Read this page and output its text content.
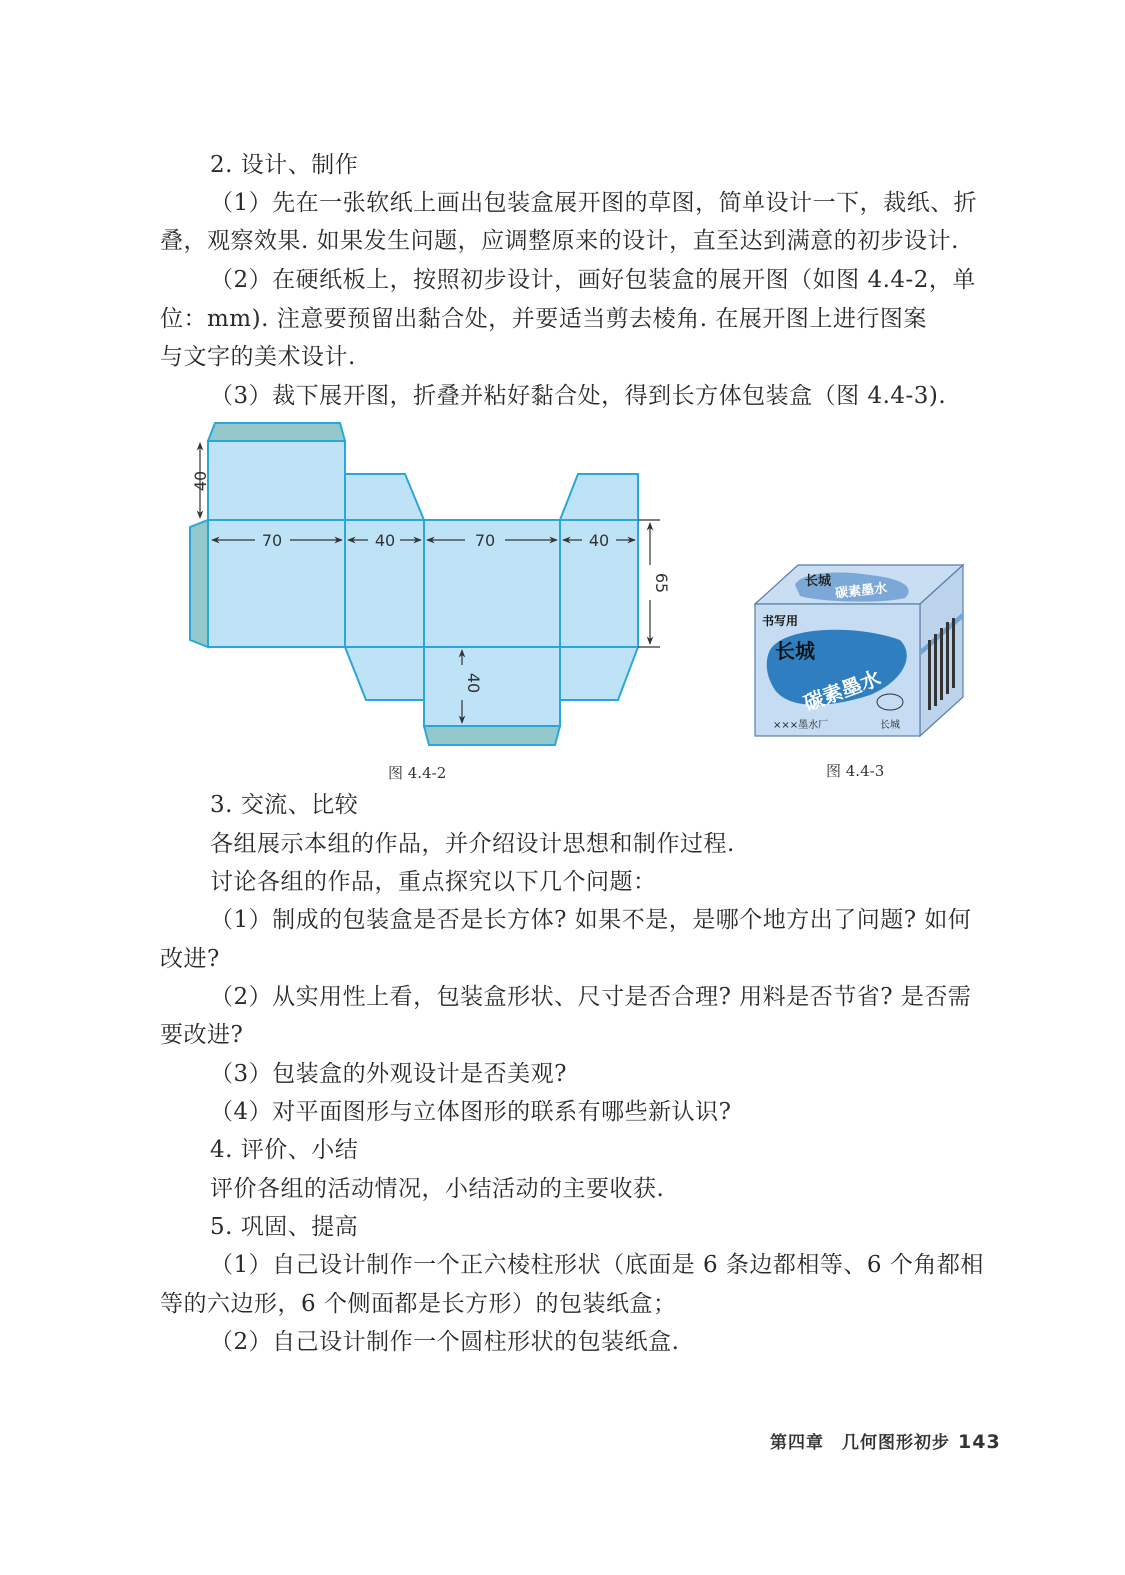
2. 设计、制作
（1）先在一张软纸上画出包装盒展开图的草图，简单设计一下，裁纸、折
叠，观察效果. 如果发生问题，应调整原来的设计，直至达到满意的初步设计.
（2）在硬纸板上，按照初步设计，画好包装盒的展开图（如图 4.4-2，单
位：mm). 注意要预留出黏合处，并要适当剪去棱角. 在展开图上进行图案
与文字的美术设计.
（3）裁下展开图，折叠并粘好黏合处，得到长方体包装盒（图 4.4-3).
40
70	40	70	40
65
40
长城 碳素墨水
书写用
长城
碳素墨水
×××墨水厂	长城
图 4.4-2	图 4.4-3
3. 交流、比较
各组展示本组的作品，并介绍设计思想和制作过程.
讨论各组的作品，重点探究以下几个问题：
（1）制成的包装盒是否是长方体? 如果不是，是哪个地方出了问题? 如何
改进?
（2）从实用性上看，包装盒形状、尺寸是否合理? 用料是否节省? 是否需
要改进?
（3）包装盒的外观设计是否美观?
（4）对平面图形与立体图形的联系有哪些新认识?
4. 评价、小结
评价各组的活动情况，小结活动的主要收获.
5. 巩固、提高
（1）自己设计制作一个正六棱柱形状（底面是 6 条边都相等、6 个角都相
等的六边形，6 个侧面都是长方形）的包装纸盒；
（2）自己设计制作一个圆柱形状的包装纸盒.
第四章　几何图形初步 143
